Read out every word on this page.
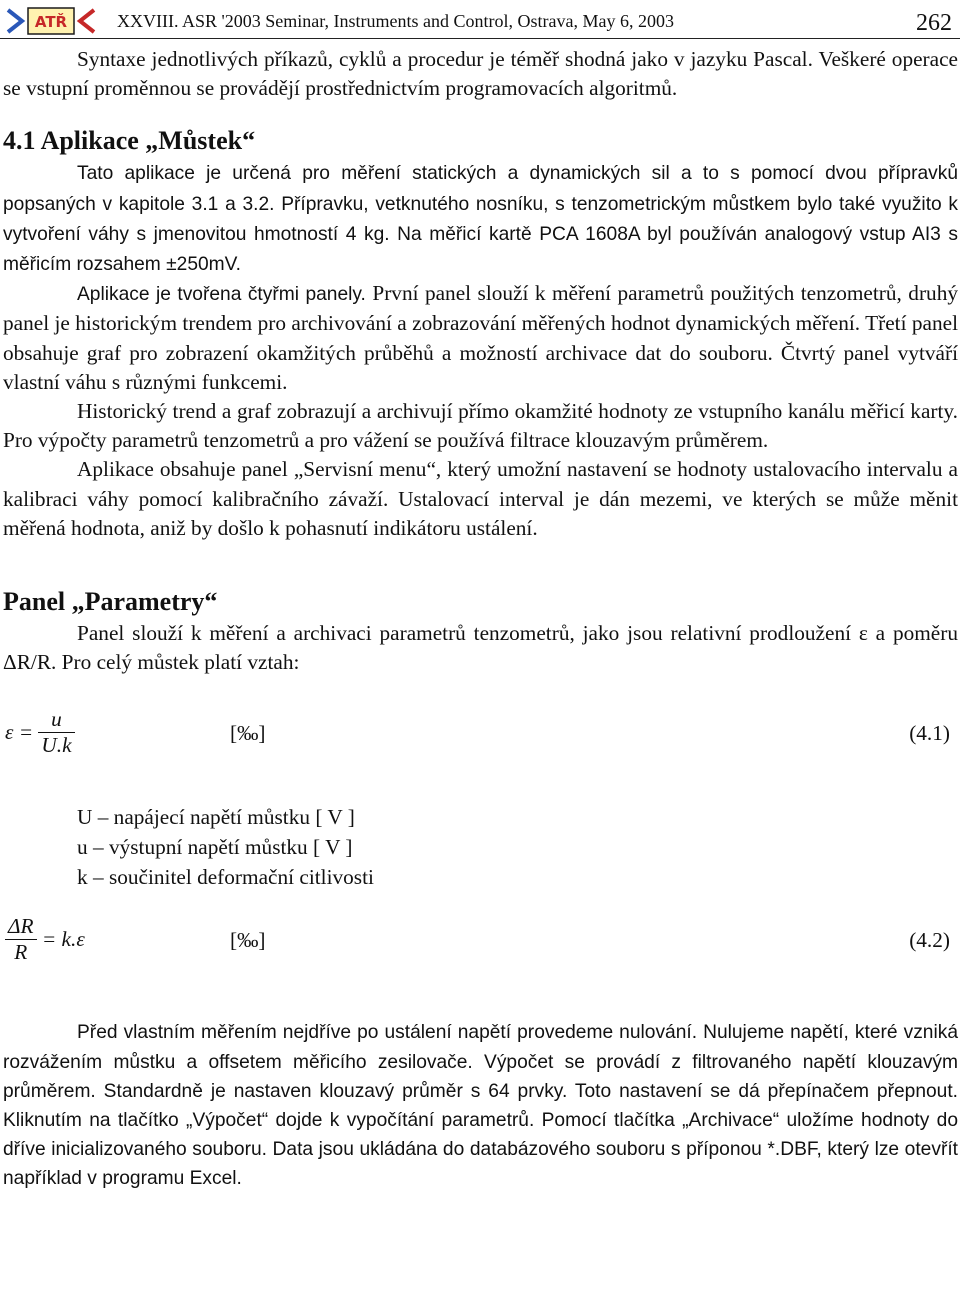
ATŘ	XXVIII. ASR '2003 Seminar, Instruments and Control, Ostrava, May 6, 2003	262

Syntaxe jednotlivých příkazů, cyklů a procedur je téměř shodná jako v jazyku Pascal. Veškeré operace se vstupní proměnnou se provádějí prostřednictvím programovacích algoritmů.

4.1 Aplikace „Můstek“

Tato aplikace je určená pro měření statických a dynamických sil a to s pomocí dvou přípravků popsaných v kapitole 3.1 a 3.2. Přípravku, vetknutého nosníku, s tenzometrickým můstkem bylo také využito k vytvoření váhy s jmenovitou hmotností 4 kg. Na měřicí kartě PCA 1608A byl používán analogový vstup AI3 s měřicím rozsahem ±250mV.

Aplikace je tvořena čtyřmi panely. První panel slouží k měření parametrů použitých tenzometrů, druhý panel je historickým trendem pro archivování a zobrazování měřených hodnot dynamických měření. Třetí panel obsahuje graf pro zobrazení okamžitých průběhů a možností archivace dat do souboru. Čtvrtý panel vytváří vlastní váhu s různými funkcemi.

Historický trend a graf zobrazují a archivují přímo okamžité hodnoty ze vstupního kanálu měřicí karty. Pro výpočty parametrů tenzometrů a pro vážení se používá filtrace klouzavým průměrem.

Aplikace obsahuje panel „Servisní menu“, který umožní nastavení se hodnoty ustalovacího intervalu a kalibraci váhy pomocí kalibračního závaží. Ustalovací interval je dán mezemi, ve kterých se může měnit měřená hodnota, aniž by došlo k pohasnutí indikátoru ustálení.

Panel „Parametry“

Panel slouží k měření a archivaci parametrů tenzometrů, jako jsou relativní prodloužení ε a poměru ΔR/R. Pro celý můstek platí vztah:

$\varepsilon = \frac{u}{U.k}$	[‰]	(4.1)
U – napájecí napětí můstku [ V ]
u – výstupní napětí můstku [ V ]
k – součinitel deformační citlivosti
$\frac{\Delta R}{R} = k.\varepsilon$	[‰]	(4.2)

Před vlastním měřením nejdříve po ustálení napětí provedeme nulování. Nulujeme napětí, které vzniká rozvážením můstku a offsetem měřicího zesilovače. Výpočet se provádí z filtrovaného napětí klouzavým průměrem. Standardně je nastaven klouzavý průměr s 64 prvky. Toto nastavení se dá přepínačem přepnout. Kliknutím na tlačítko „Výpočet“ dojde k vypočítání parametrů. Pomocí tlačítka „Archivace“ uložíme hodnoty do dříve inicializovaného souboru. Data jsou ukládána do databázového souboru s příponou *.DBF, který lze otevřít například v programu Excel.
